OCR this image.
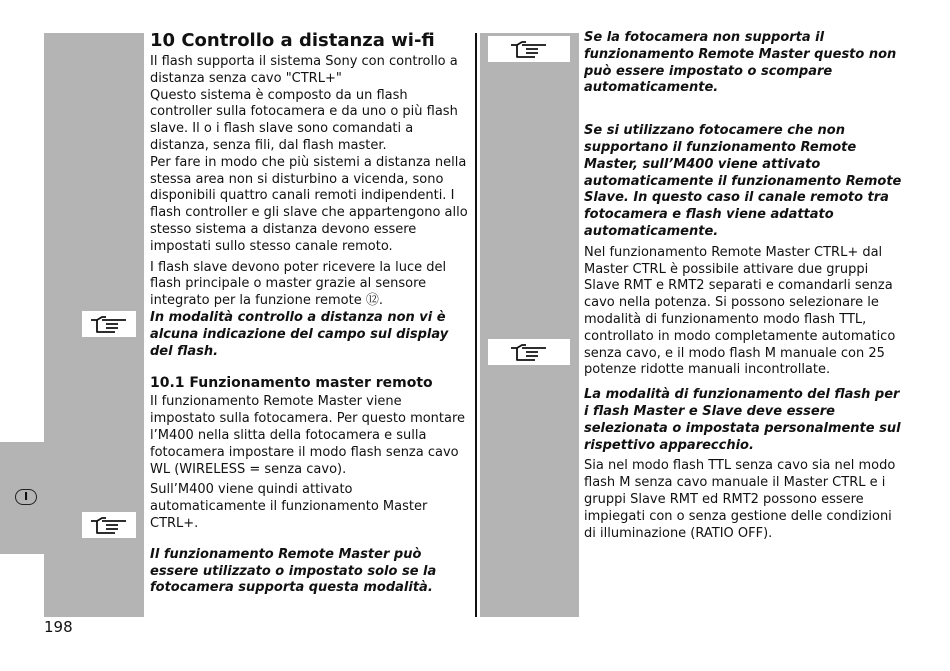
10 Controllo a distanza wi-fi

Il flash supporta il sistema Sony con controllo a distanza senza cavo "CTRL+"

Questo sistema è composto da un flash controller sulla fotocamera e da uno o più flash slave. Il o i flash slave sono comandati a distanza, senza fili, dal flash master.

Per fare in modo che più sistemi a distanza nella stessa area non si disturbino a vicenda, sono disponibili quattro canali remoti indipendenti. I flash controller e gli slave che appartengono allo stesso sistema a distanza devono essere impostati sullo stesso canale remoto.

I flash slave devono poter ricevere la luce del flash principale o master grazie al sensore integrato per la funzione remote ⑫.

In modalità controllo a distanza non vi è alcuna indicazione del campo sul display del flash.

10.1 Funzionamento master remoto

Il funzionamento Remote Master viene impostato sulla fotocamera. Per questo montare l’M400 nella slitta della fotocamera e sulla fotocamera impostare il modo flash senza cavo WL (WIRELESS = senza cavo).

Sull’M400 viene quindi attivato automaticamente il funzionamento Master CTRL+.

Il funzionamento Remote Master può essere utilizzato o impostato solo se la fotocamera supporta questa modalità.

Se la fotocamera non supporta il funzionamento Remote Master questo non può essere impostato o scompare automaticamente.

Se si utilizzano fotocamere che non supportano il funzionamento Remote Master, sull’M400 viene attivato automaticamente il funzionamento Remote Slave. In questo caso il canale remoto tra fotocamera e flash viene adattato automaticamente.

Nel funzionamento Remote Master CTRL+ dal Master CTRL è possibile attivare due gruppi Slave RMT e RMT2 separati e comandarli senza cavo nella potenza. Si possono selezionare le modalità di funzionamento modo flash TTL, controllato in modo completamente automatico senza cavo, e il modo flash M manuale con 25 potenze ridotte manuali incontrollate.

La modalità di funzionamento del flash per i flash Master e Slave deve essere selezionata o impostata personalmente sul rispettivo apparecchio.

Sia nel modo flash TTL senza cavo sia nel modo flash M senza cavo manuale il Master CTRL e i gruppi Slave RMT ed RMT2 possono essere impiegati con o senza gestione delle condizioni di illuminazione (RATIO OFF).

I
198
